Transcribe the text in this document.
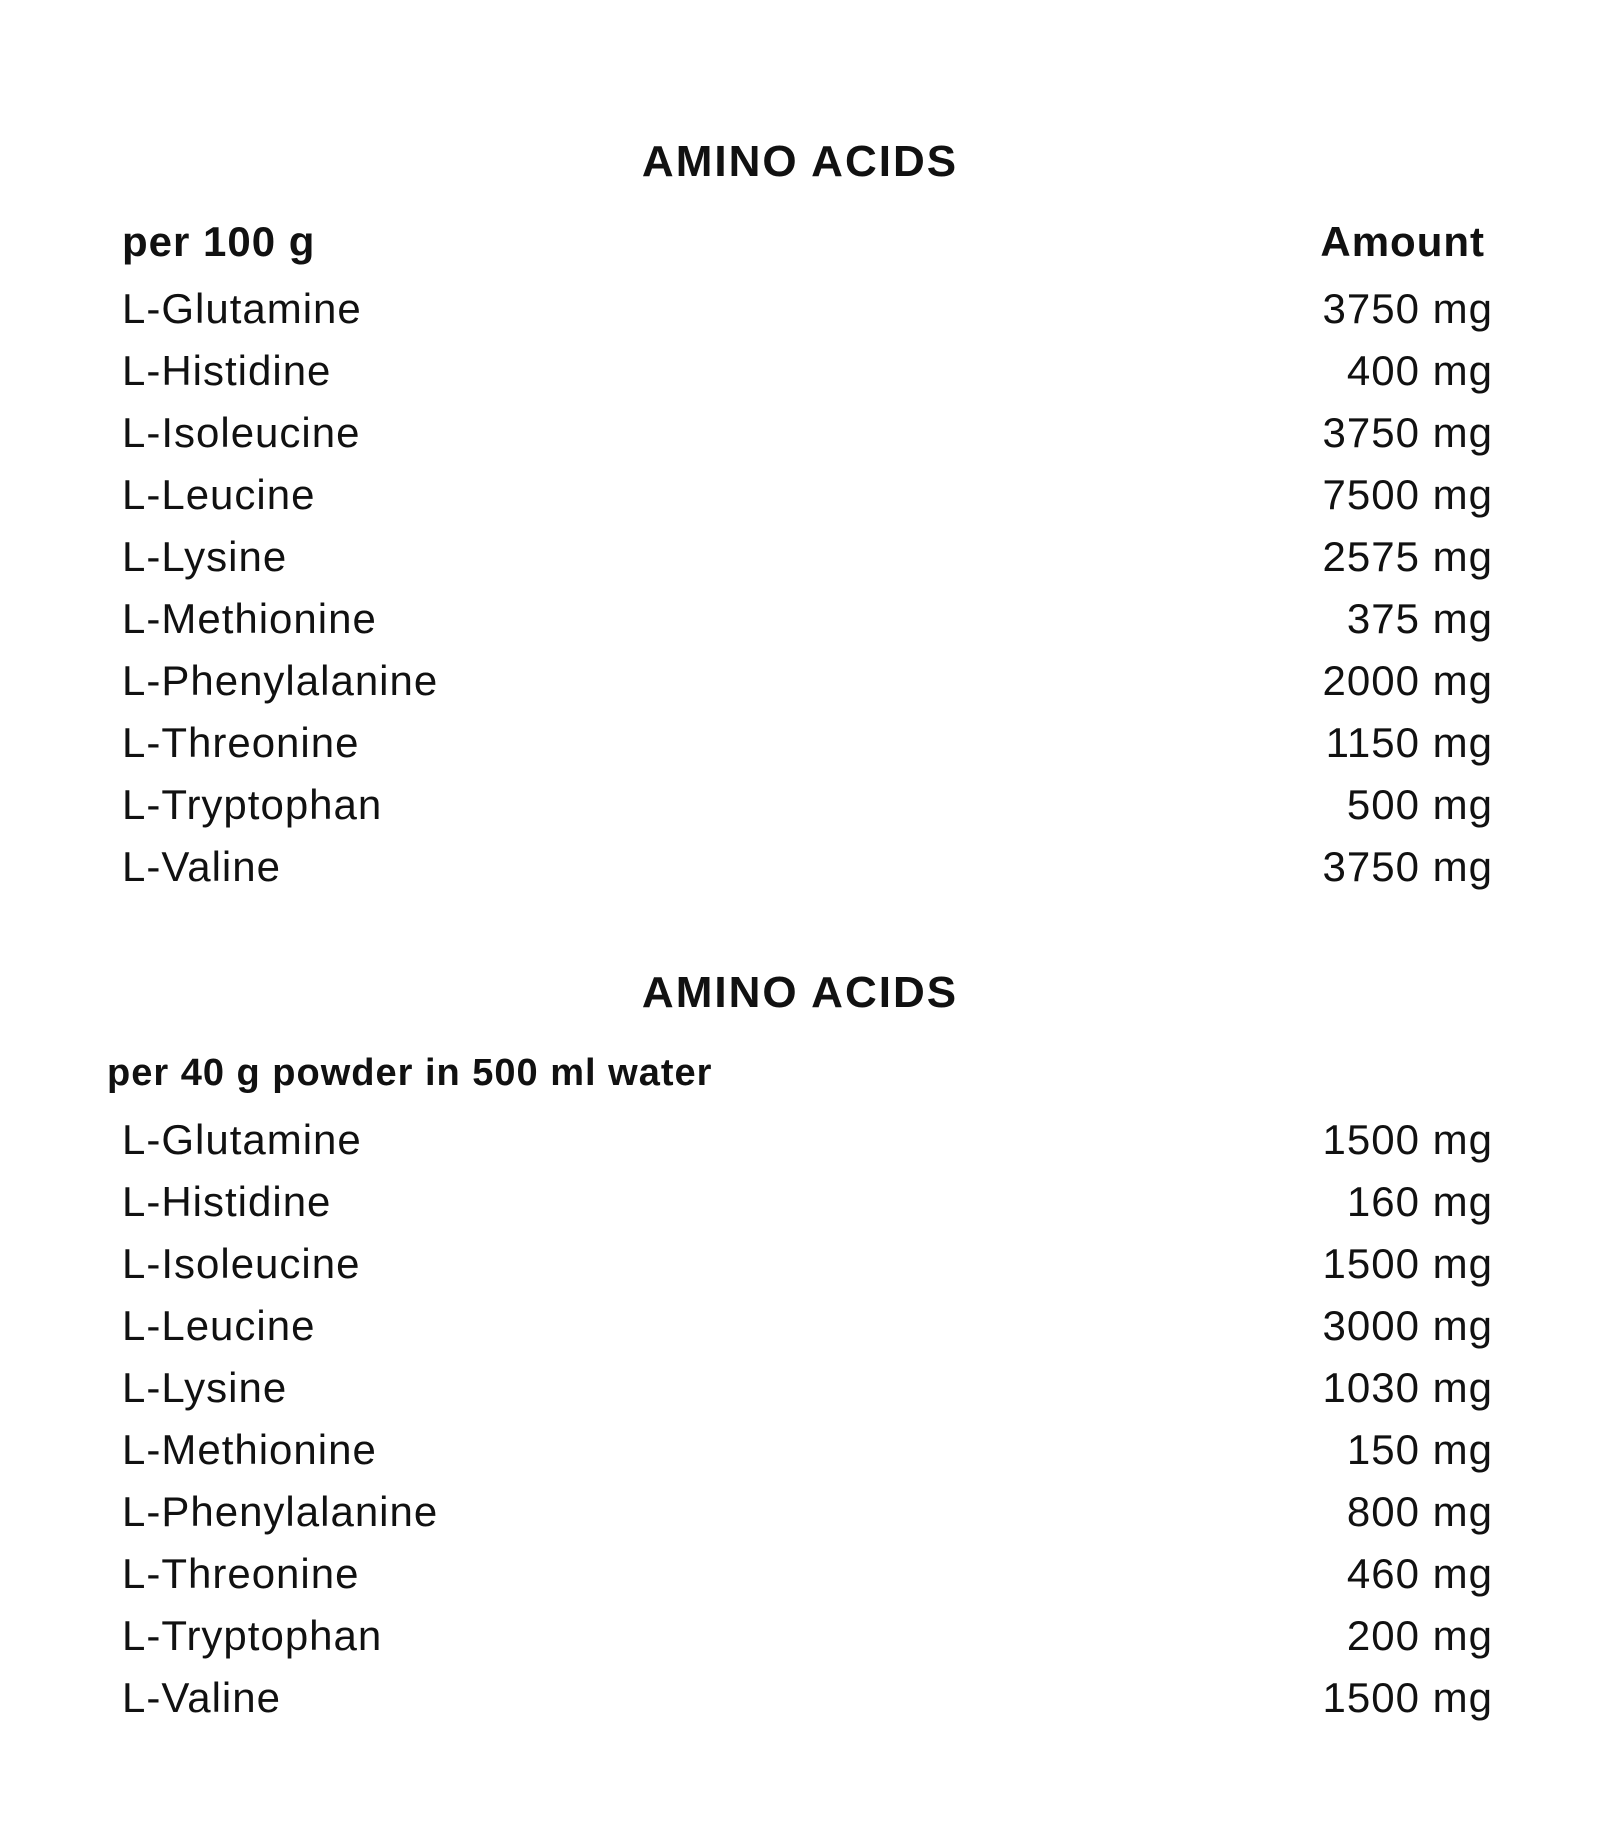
AMINO ACIDS
per 100 g	Amount
L-Glutamine	3750 mg
L-Histidine	400 mg
L-Isoleucine	3750 mg
L-Leucine	7500 mg
L-Lysine	2575 mg
L-Methionine	375 mg
L-Phenylalanine	2000 mg
L-Threonine	1150 mg
L-Tryptophan	500 mg
L-Valine	3750 mg
AMINO ACIDS
per 40 g powder in 500 ml water
L-Glutamine	1500 mg
L-Histidine	160 mg
L-Isoleucine	1500 mg
L-Leucine	3000 mg
L-Lysine	1030 mg
L-Methionine	150 mg
L-Phenylalanine	800 mg
L-Threonine	460 mg
L-Tryptophan	200 mg
L-Valine	1500 mg
